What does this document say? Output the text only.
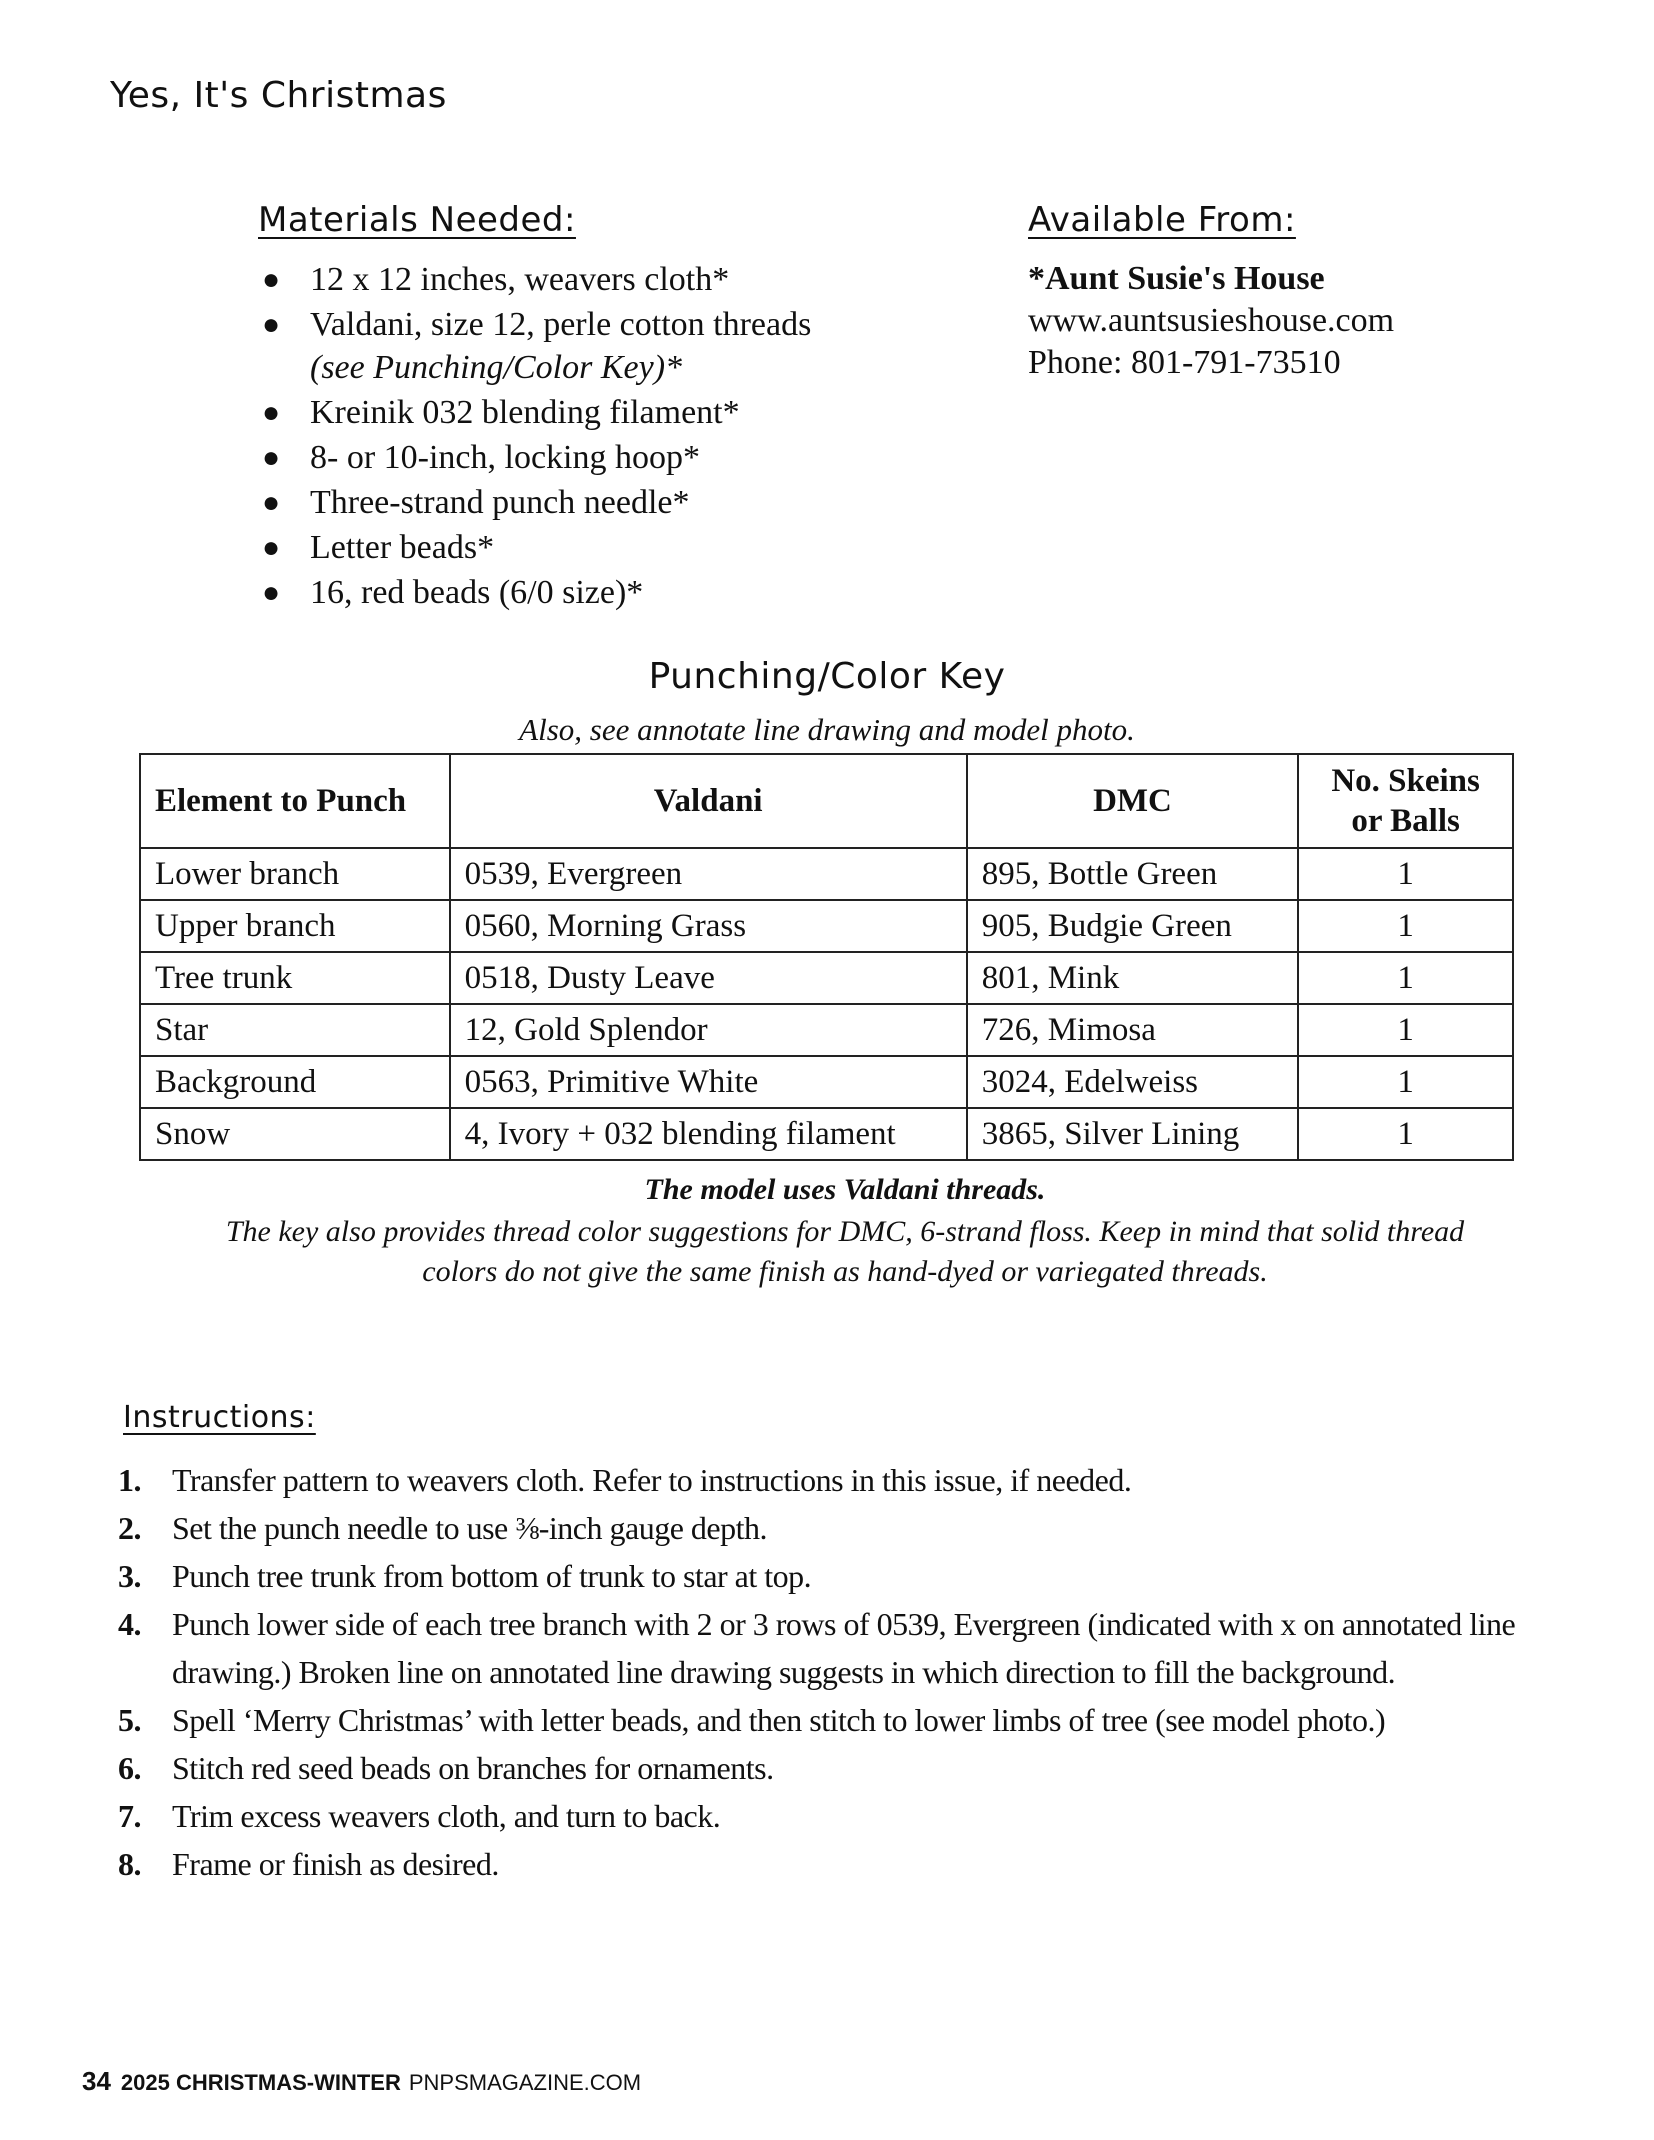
Yes, It's Christmas
Materials Needed:
● 12 x 12 inches, weavers cloth*
● Valdani, size 12, perle cotton threads
(see Punching/Color Key)*
● Kreinik 032 blending filament*
● 8- or 10-inch, locking hoop*
● Three-strand punch needle*
● Letter beads*
● 16, red beads (6/0 size)*
Available From:
*Aunt Susie's House
www.auntsusieshouse.com
Phone: 801-791-73510
Punching/Color Key
Also, see annotate line drawing and model photo.
Element to Punch	Valdani	DMC	No. Skeins
or Balls
Lower branch	0539, Evergreen	895, Bottle Green	1
Upper branch	0560, Morning Grass	905, Budgie Green	1
Tree trunk	0518, Dusty Leave	801, Mink	1
Star	12, Gold Splendor	726, Mimosa	1
Background	0563, Primitive White	3024, Edelweiss	1
Snow	4, Ivory + 032 blending filament	3865, Silver Lining	1
The model uses Valdani threads.
The key also provides thread color suggestions for DMC, 6-strand floss. Keep in mind that solid thread colors do not give the same finish as hand-dyed or variegated threads.
Instructions:
1. Transfer pattern to weavers cloth. Refer to instructions in this issue, if needed.
2. Set the punch needle to use ⅜-inch gauge depth.
3. Punch tree trunk from bottom of trunk to star at top.
4. Punch lower side of each tree branch with 2 or 3 rows of 0539, Evergreen (indicated with x on annotated line drawing.) Broken line on annotated line drawing suggests in which direction to fill the background.
5. Spell ‘Merry Christmas’ with letter beads, and then stitch to lower limbs of tree (see model photo.)
6. Stitch red seed beads on branches for ornaments.
7. Trim excess weavers cloth, and turn to back.
8. Frame or finish as desired.
34 2025 CHRISTMAS-WINTER PNPSMAGAZINE.COM
